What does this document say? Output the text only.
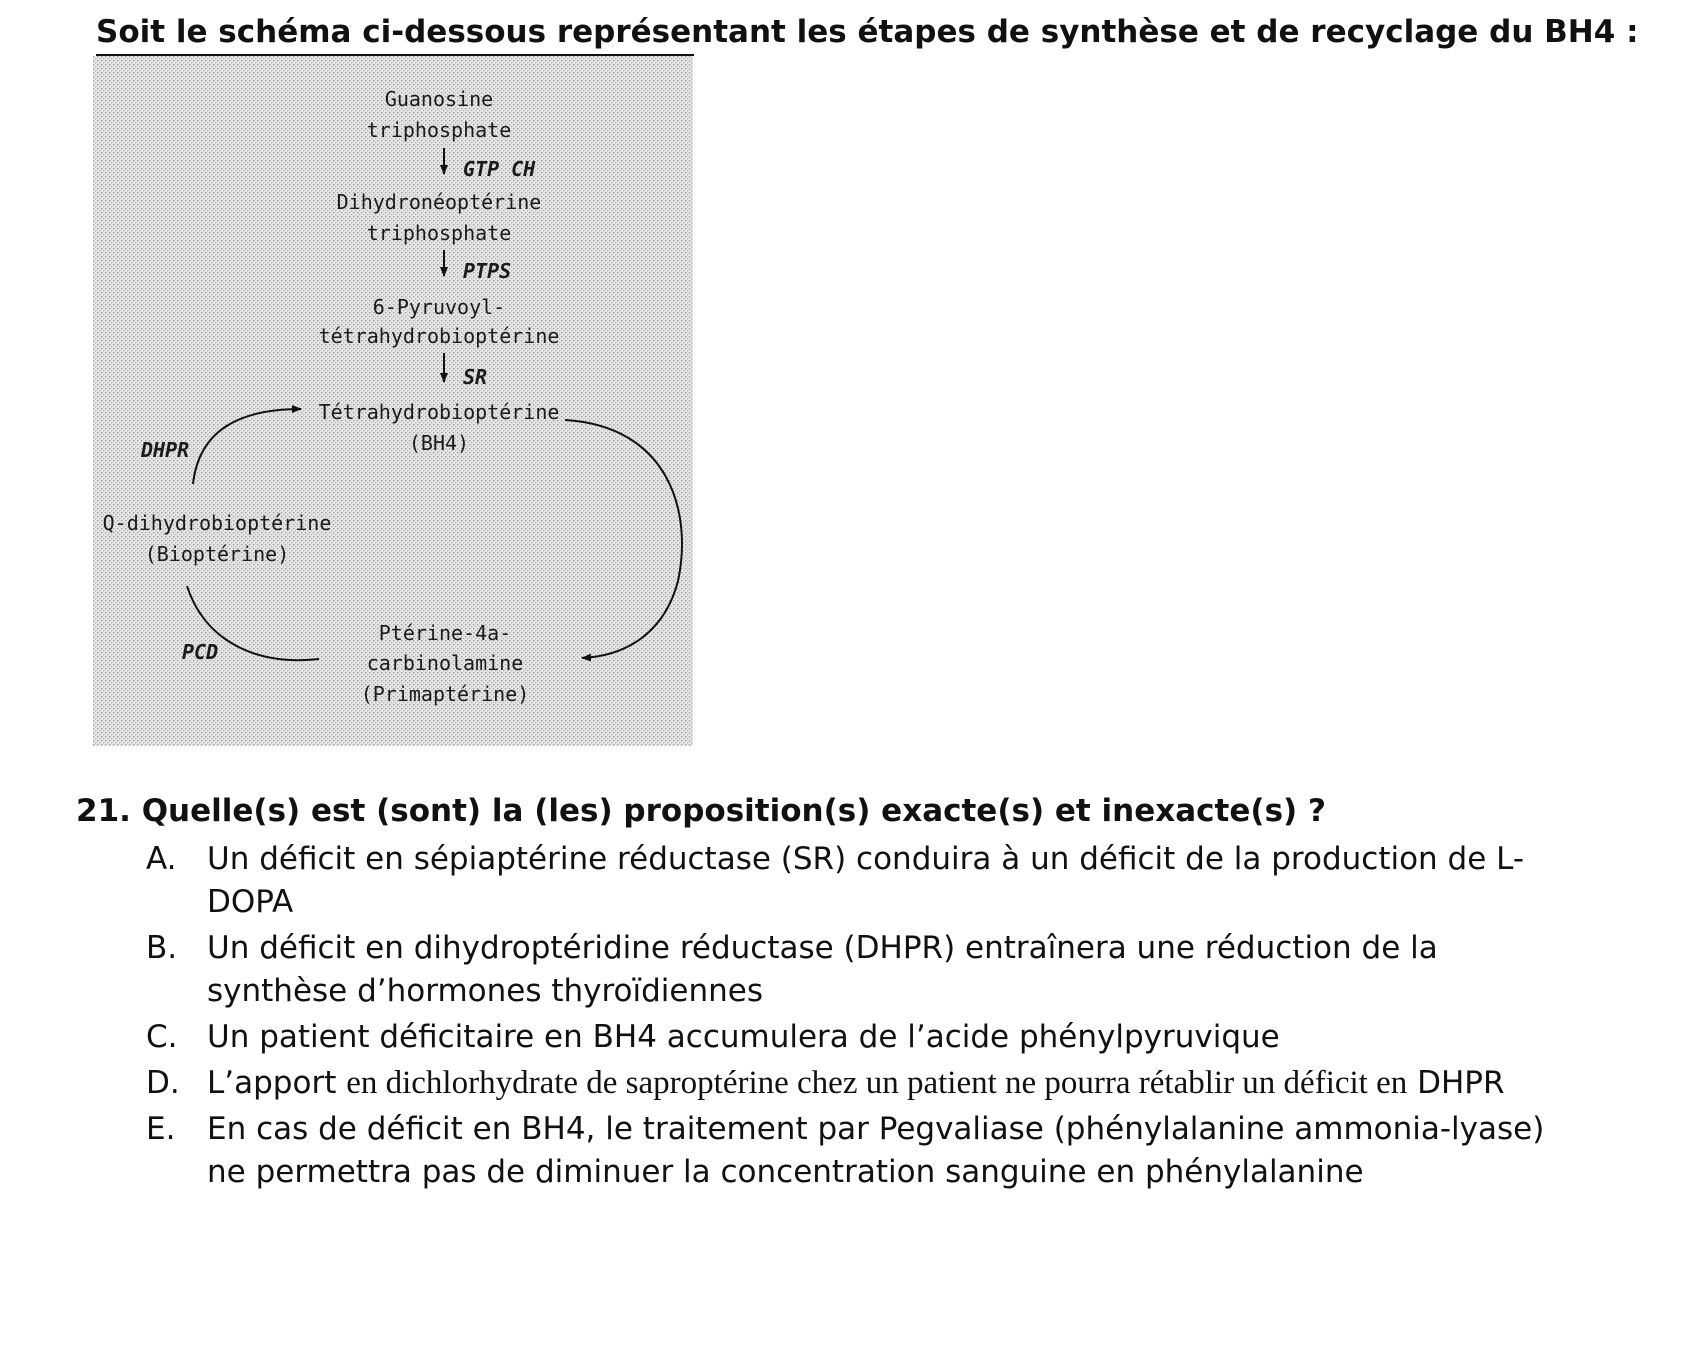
Soit le schéma ci-dessous représentant les étapes de synthèse et de recyclage du BH4 :
Guanosine
triphosphate
Dihydronéoptérine
triphosphate
6-Pyruvoyl-
tétrahydrobioptérine
Tétrahydrobioptérine
(BH4)
Q-dihydrobioptérine
(Bioptérine)
Ptérine-4a-
carbinolamine
(Primaptérine)
GTP CH
PTPS
SR
DHPR
PCD
21. Quelle(s) est (sont) la (les) proposition(s) exacte(s) et inexacte(s) ?
A. Un déficit en sépiaptérine réductase (SR) conduira à un déficit de la production de L-DOPA
B. Un déficit en dihydroptéridine réductase (DHPR) entraînera une réduction de la synthèse d’hormones thyroïdiennes
C. Un patient déficitaire en BH4 accumulera de l’acide phénylpyruvique
D. L’apport en dichlorhydrate de saproptérine chez un patient ne pourra rétablir un déficit en DHPR
E.	En cas de déficit en BH4, le traitement par Pegvaliase (phénylalanine ammonia-lyase) ne permettra pas de diminuer la concentration sanguine en phénylalanine
